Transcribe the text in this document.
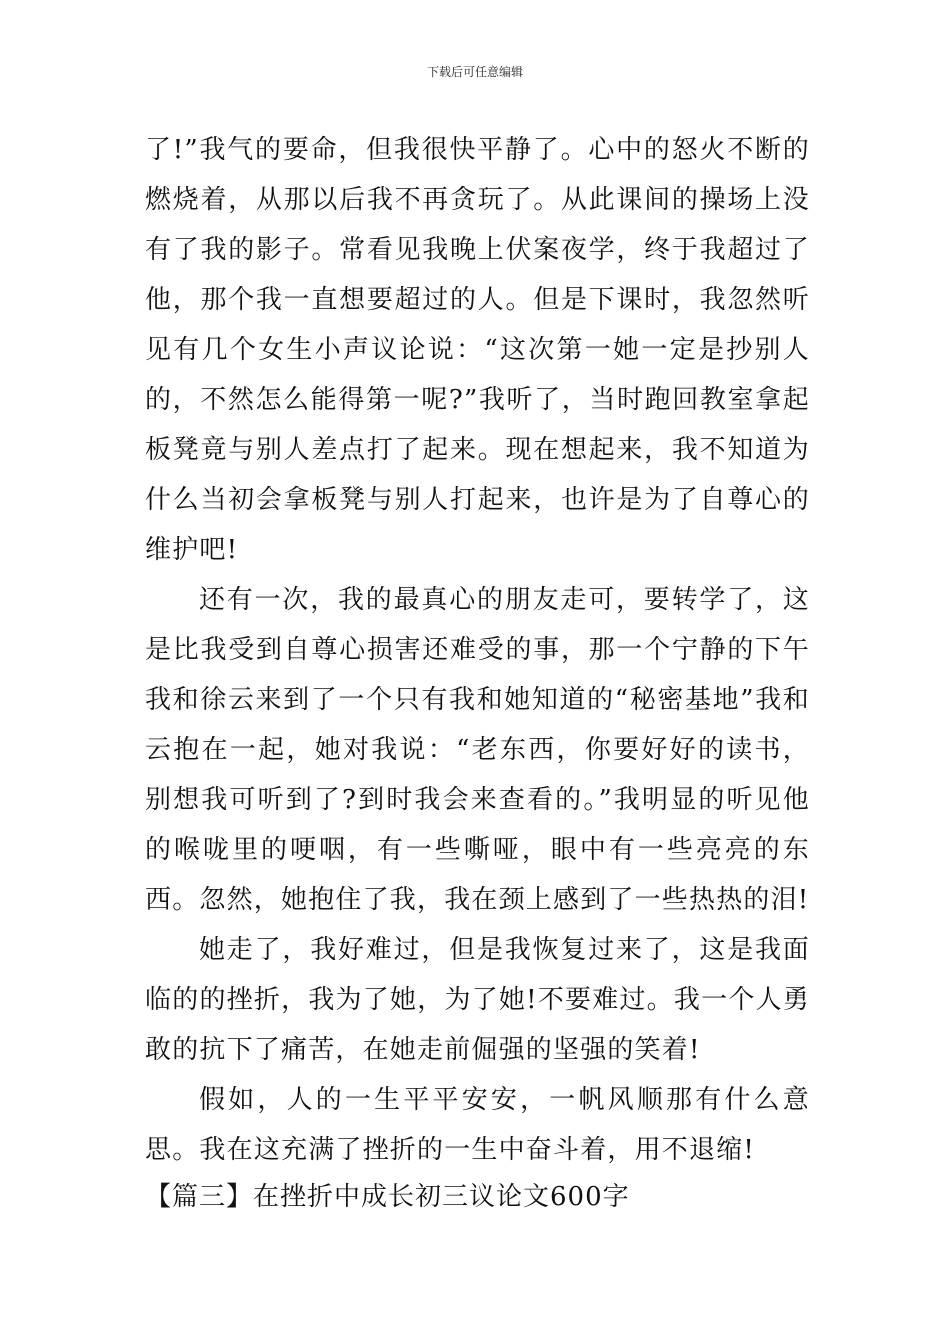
下载后可任意编辑

了!”我气的要命，但我很快平静了。心中的怒火不断的燃烧着，从那以后我不再贪玩了。从此课间的操场上没有了我的影子。常看见我晚上伏案夜学，终于我超过了他，那个我一直想要超过的人。但是下课时，我忽然听见有几个女生小声议论说：“这次第一她一定是抄别人的，不然怎么能得第一呢?”我听了，当时跑回教室拿起板凳竟与别人差点打了起来。现在想起来，我不知道为什么当初会拿板凳与别人打起来，也许是为了自尊心的维护吧!

还有一次，我的最真心的朋友走可，要转学了，这是比我受到自尊心损害还难受的事，那一个宁静的下午我和徐云来到了一个只有我和她知道的“秘密基地”我和云抱在一起，她对我说：“老东西，你要好好的读书，别想我可听到了?到时我会来查看的。”我明显的听见他的喉咙里的哽咽，有一些嘶哑，眼中有一些亮亮的东西。忽然，她抱住了我，我在颈上感到了一些热热的泪!

她走了，我好难过，但是我恢复过来了，这是我面临的的挫折，我为了她，为了她!不要难过。我一个人勇敢的抗下了痛苦，在她走前倔强的坚强的笑着!

假如，人的一生平平安安，一帆风顺那有什么意思。我在这充满了挫折的一生中奋斗着，用不退缩!

【篇三】在挫折中成长初三议论文600字
